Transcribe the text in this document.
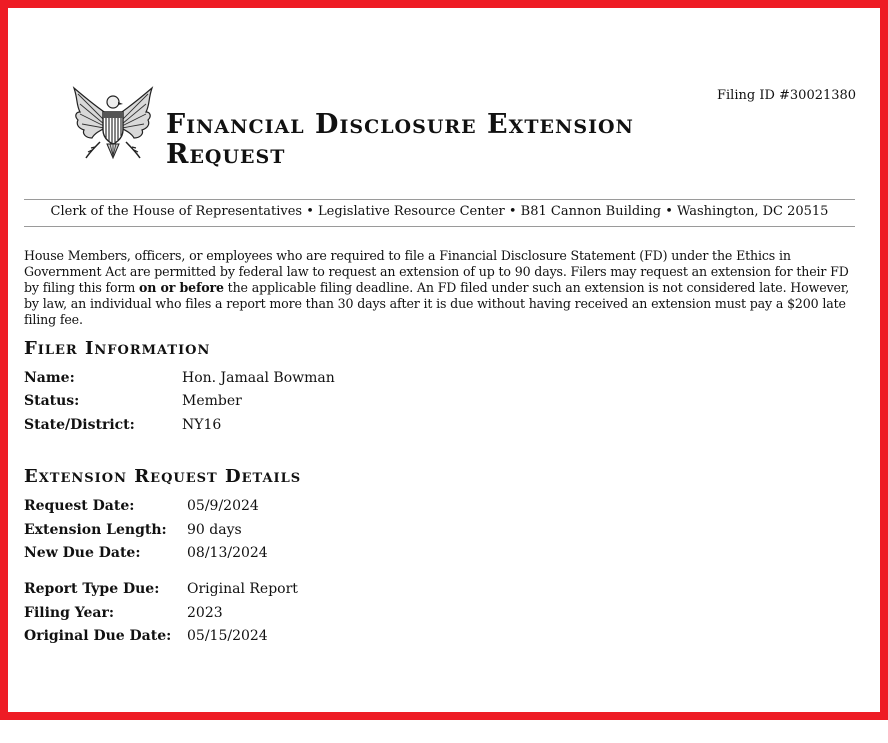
Filing ID #30021380
Financial Disclosure Extension Request
Clerk of the House of Representatives • Legislative Resource Center • B81 Cannon Building • Washington, DC 20515
House Members, officers, or employees who are required to file a Financial Disclosure Statement (FD) under the Ethics in Government Act are permitted by federal law to request an extension of up to 90 days. Filers may request an extension for their FD by filing this form on or before the applicable filing deadline. An FD filed under such an extension is not considered late. However, by law, an individual who files a report more than 30 days after it is due without having received an extension must pay a $200 late filing fee.
Filer Information
Name:	Hon. Jamaal Bowman
Status:	Member
State/District:	NY16
Extension Request Details
Request Date:	05/9/2024
Extension Length: 90 days
New Due Date:	08/13/2024
Report Type Due: Original Report
Filing Year:	2023
Original Due Date: 05/15/2024
